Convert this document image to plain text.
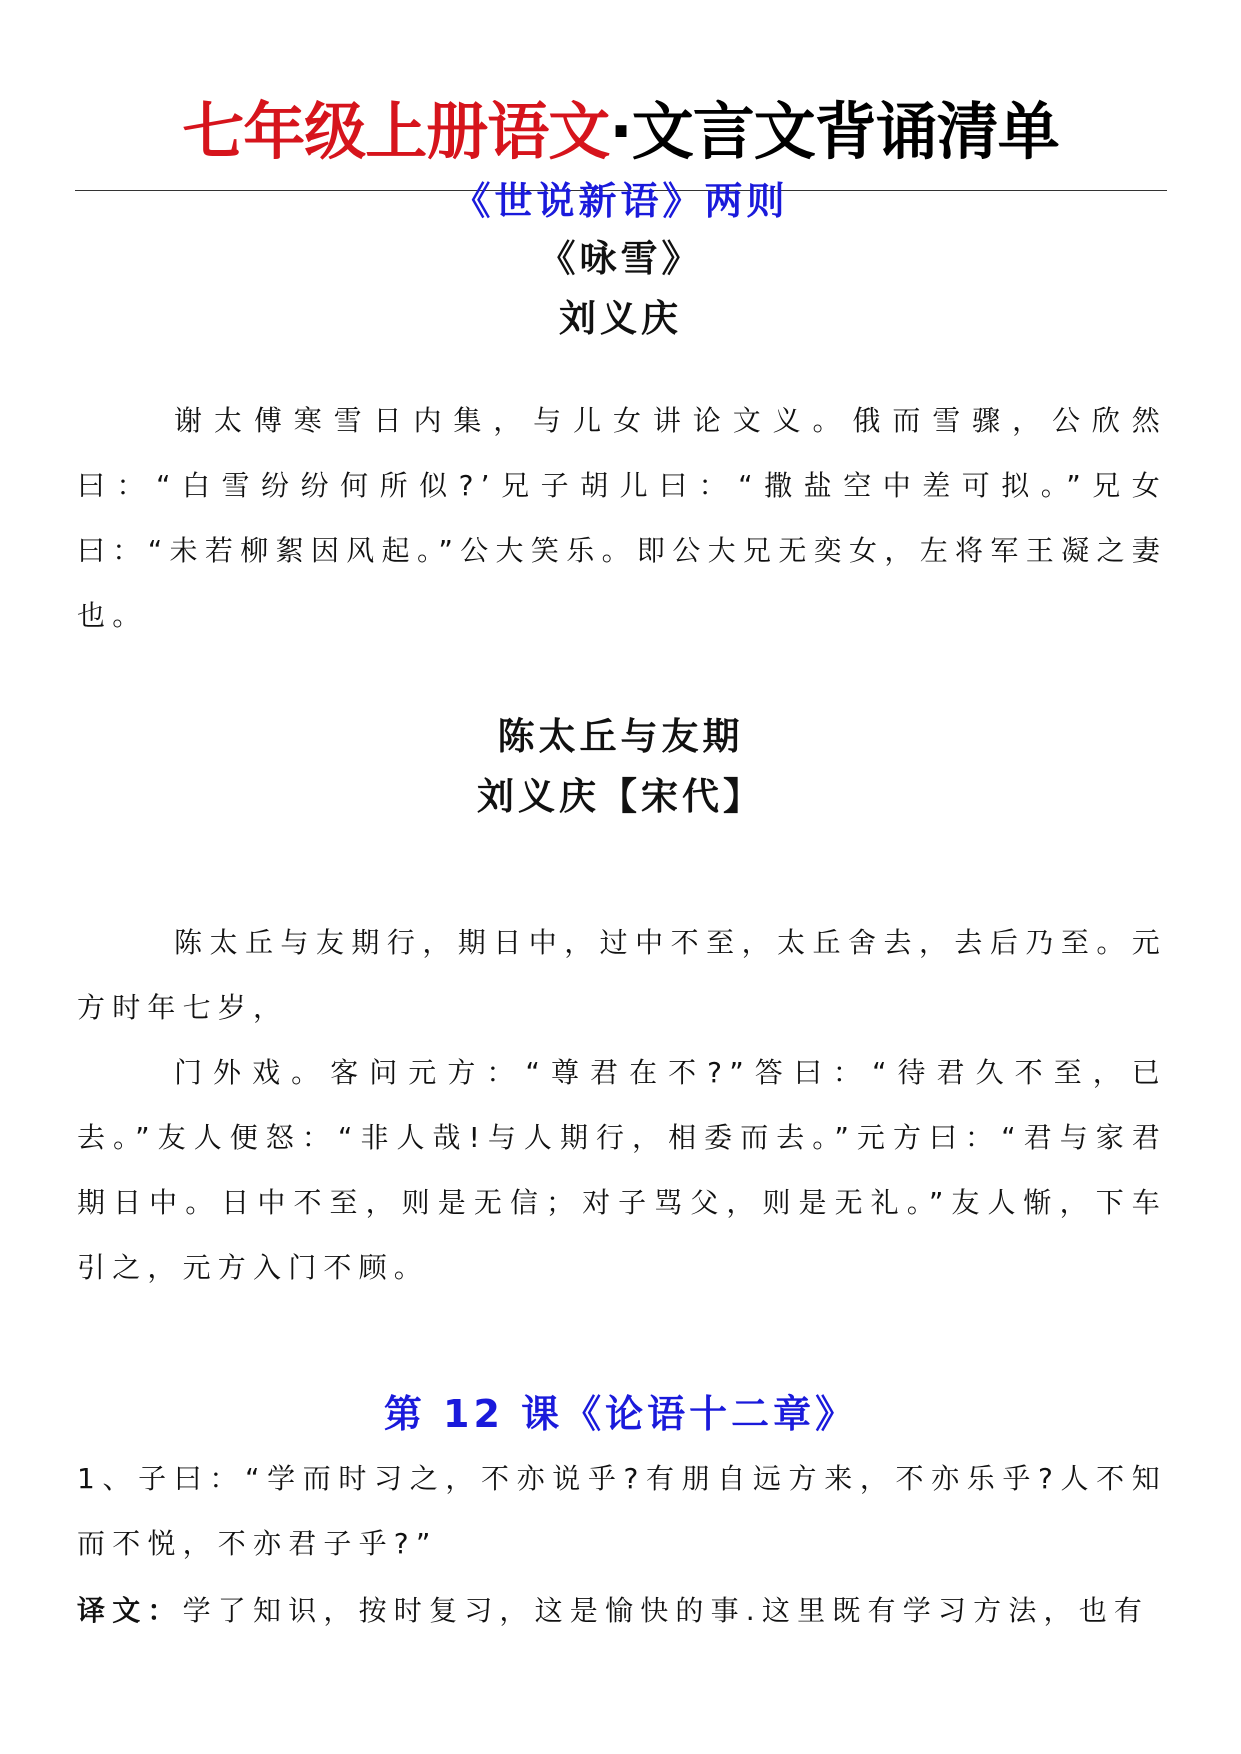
七年级上册语文·文言文背诵清单
《世说新语》两则
《咏雪》
刘义庆

谢太傅寒雪日内集，与儿女讲论文义。俄而雪骤，公欣然曰：“白雪纷纷何所似?’兄子胡儿曰：“撒盐空中差可拟。”兄女曰：“未若柳絮因风起。”公大笑乐。即公大兄无奕女，左将军王凝之妻也。

陈太丘与友期
刘义庆【宋代】

陈太丘与友期行，期日中，过中不至，太丘舍去，去后乃至。元方时年七岁，

门外戏。客问元方：“尊君在不?”答曰：“待君久不至，已去。”友人便怒：“非人哉!与人期行，相委而去。”元方曰：“君与家君期日中。日中不至，则是无信；对子骂父，则是无礼。”友人惭，下车引之，元方入门不顾。

第 12 课《论语十二章》

1、子曰：“学而时习之，不亦说乎?有朋自远方来，不亦乐乎?人不知而不悦，不亦君子乎?”

译文：学了知识，按时复习，这是愉快的事.这里既有学习方法，也有
